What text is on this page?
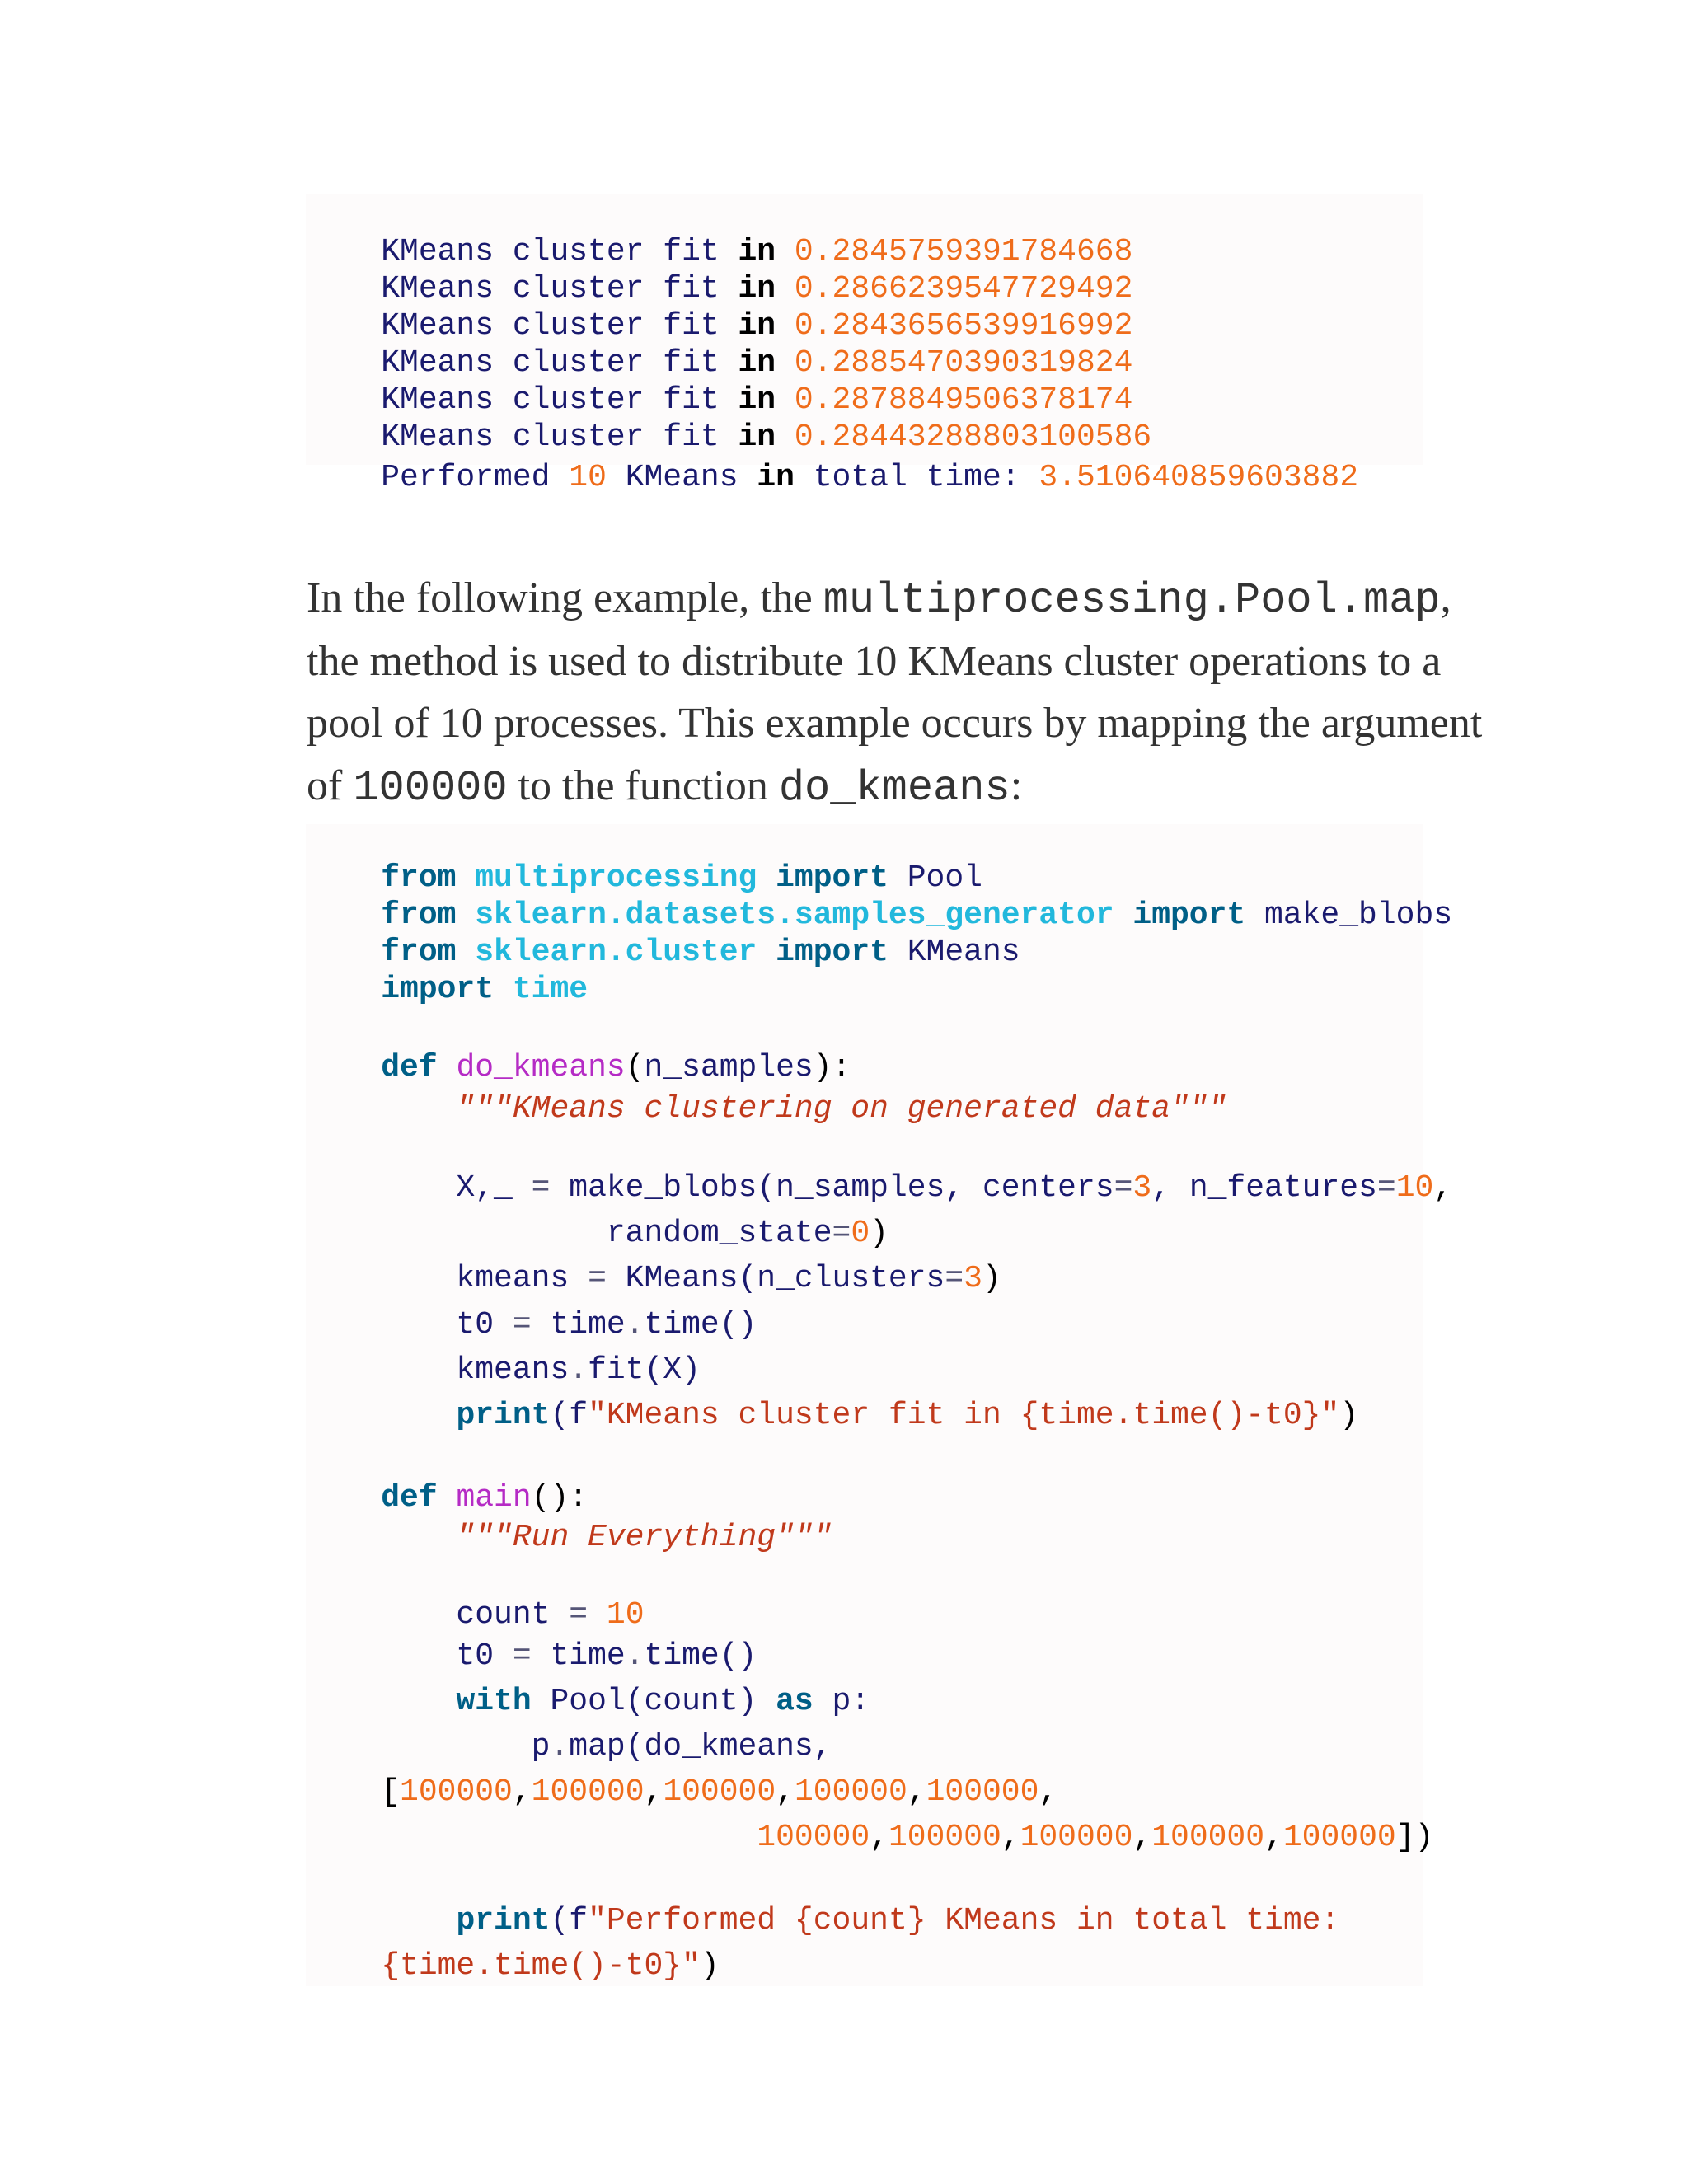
KMeans cluster fit in 0.2845759391784668

KMeans cluster fit in 0.2866239547729492

KMeans cluster fit in 0.2843656539916992

KMeans cluster fit in 0.2885470390319824

KMeans cluster fit in 0.2878849506378174

KMeans cluster fit in 0.28443288803100586

Performed 10 KMeans in total time: 3.510640859603882

In the following example, the multiprocessing.Pool.map,

the method is used to distribute 10 KMeans cluster operations to a

pool of 10 processes. This example occurs by mapping the argument

of 100000 to the function do_kmeans:

from multiprocessing import Pool

from sklearn.datasets.samples_generator import make_blobs

from sklearn.cluster import KMeans

import time

def do_kmeans(n_samples):

"""KMeans clustering on generated data"""

X,_ = make_blobs(n_samples, centers=3, n_features=10,

random_state=0)

kmeans = KMeans(n_clusters=3)

t0 = time.time()

kmeans.fit(X)

print(f"KMeans cluster fit in {time.time()-t0}")

def main():

"""Run Everything"""

count = 10

t0 = time.time()

with Pool(count) as p:

p.map(do_kmeans,

[100000,100000,100000,100000,100000,

100000,100000,100000,100000,100000])

print(f"Performed {count} KMeans in total time:

{time.time()-t0}")
